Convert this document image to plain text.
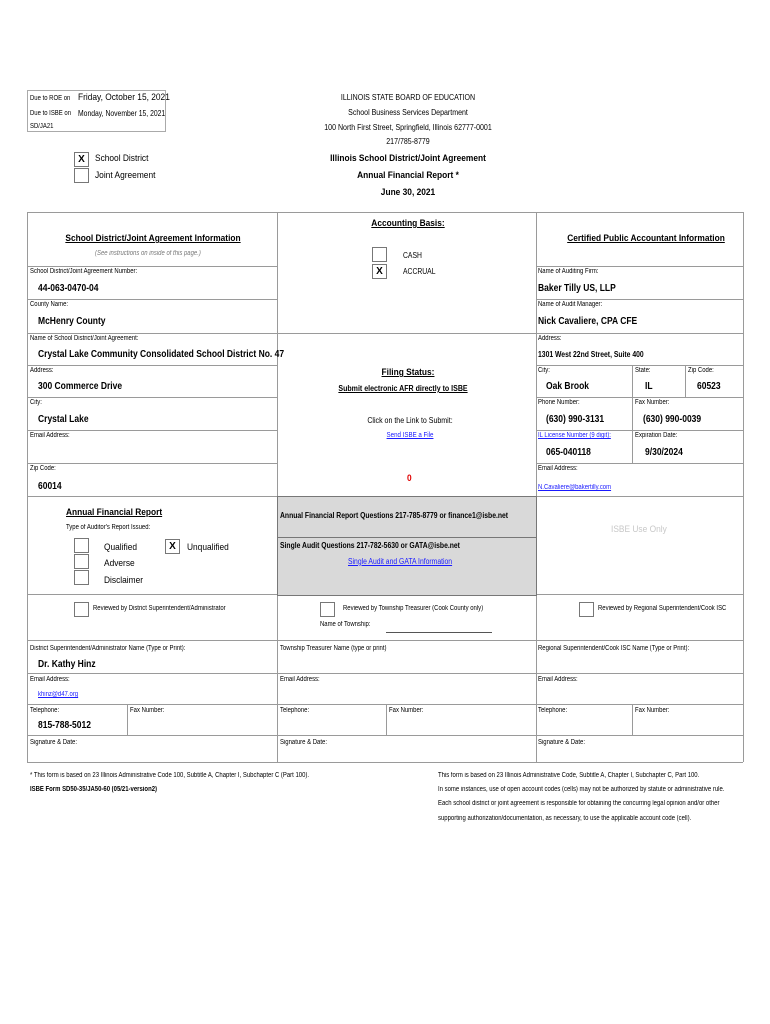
Due to ROE on Friday, October 15, 2021
Due to ISBE on Monday, November 15, 2021
SD/JA21
ILLINOIS STATE BOARD OF EDUCATION
School Business Services Department
100 North First Street, Springfield, Illinois 62777-0001
217/785-8779
Illinois School District/Joint Agreement
Annual Financial Report *
June 30, 2021
X	School District
Joint Agreement
School District/Joint Agreement Information
(See instructions on inside of this page.)
School District/Joint Agreement Number:
44-063-0470-04
County Name:
McHenry County
Name of School District/Joint Agreement:
Crystal Lake Community Consolidated School District No. 47
Address:
300 Commerce Drive
City:
Crystal Lake
Email Address:
Zip Code:
60014
Accounting Basis:
CASH
X	ACCRUAL
Filing Status:
Submit electronic AFR directly to ISBE
Click on the Link to Submit:
Send ISBE a File
0
Certified Public Accountant Information
Name of Auditing Firm:
Baker Tilly US, LLP
Name of Audit Manager:
Nick Cavaliere, CPA CFE
Address:
1301 West 22nd Street, Suite 400
City:
Oak Brook
State:
IL
Zip Code:
60523
Phone Number:
(630) 990-3131
Fax Number:
(630) 990-0039
IL License Number (9 digit):
065-040118
Expiration Date:
9/30/2024
Email Address:
N.Cavaliere@bakertilly.com
Annual Financial Report
Type of Auditor's Report Issued:
Qualified
Adverse
Disclaimer
X	Unqualified
Annual Financial Report Questions 217-785-8779 or finance1@isbe.net
Single Audit Questions 217-782-5630 or GATA@isbe.net
Single Audit and GATA Information
ISBE Use Only
Reviewed by District Superintendent/Administrator	Reviewed by Township Treasurer (Cook County only)
Name of Township:
Reviewed by Regional Superintendent/Cook ISC
District Superintendent/Administrator Name (Type or Print):
Dr. Kathy Hinz
Email Address:
khinz@d47.org
Telephone:
815-788-5012
Fax Number:
Signature & Date:
Township Treasurer Name (type or print)
Email Address:
Telephone:	Fax Number:
Signature & Date:
Regional Superintendent/Cook ISC Name (Type or Print):
Email Address:
Telephone:	Fax Number:
Signature & Date:
* This form is based on 23 Illinois Administrative Code 100, Subtitle A, Chapter I, Subchapter C (Part 100).
ISBE Form SD50-35/JA50-60 (05/21-version2)
This form is based on 23 Illinois Administrative Code, Subtitle A, Chapter I, Subchapter C, Part 100.
In some instances, use of open account codes (cells) may not be authorized by statute or administrative rule.
Each school district or joint agreement is responsible for obtaining the concurring legal opinion and/or other
supporting authorization/documentation, as necessary, to use the applicable account code (cell).
